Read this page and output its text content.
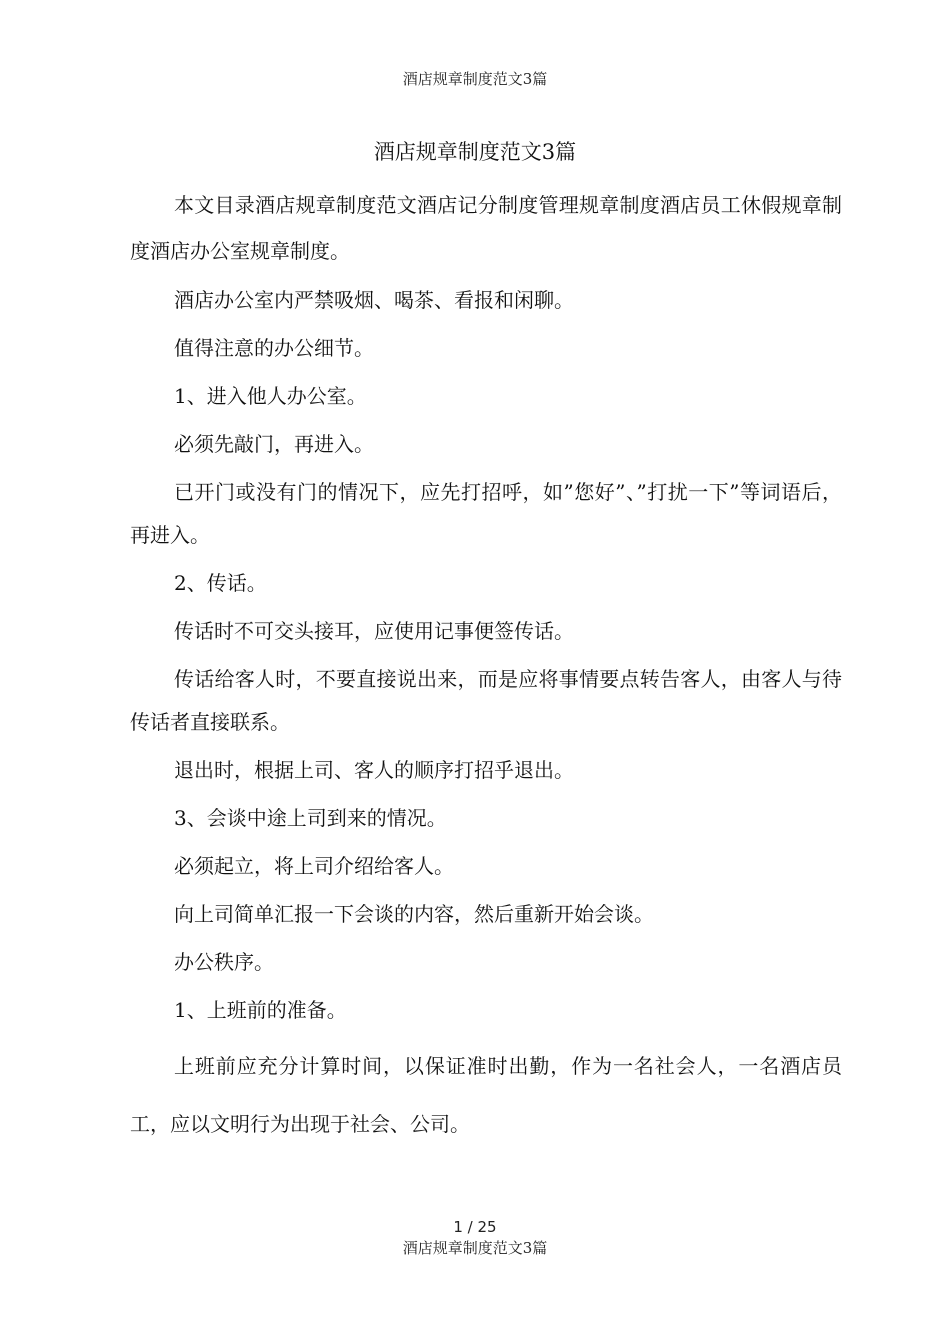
酒店规章制度范文3篇
酒店规章制度范文3篇

本文目录酒店规章制度范文酒店记分制度管理规章制度酒店员工休假规章制度酒店办公室规章制度。

酒店办公室内严禁吸烟、喝茶、看报和闲聊。

值得注意的办公细节。

1、进入他人办公室。

必须先敲门，再进入。

已开门或没有门的情况下，应先打招呼，如”您好”、”打扰一下”等词语后，再进入。

2、传话。

传话时不可交头接耳，应使用记事便签传话。

传话给客人时，不要直接说出来，而是应将事情要点转告客人，由客人与待传话者直接联系。

退出时，根据上司、客人的顺序打招乎退出。

3、会谈中途上司到来的情况。

必须起立，将上司介绍给客人。

向上司简单汇报一下会谈的内容，然后重新开始会谈。

办公秩序。

1、上班前的准备。

上班前应充分计算时间，以保证准时出勤，作为一名社会人，一名酒店员工，应以文明行为出现于社会、公司。

1 / 25
酒店规章制度范文3篇
